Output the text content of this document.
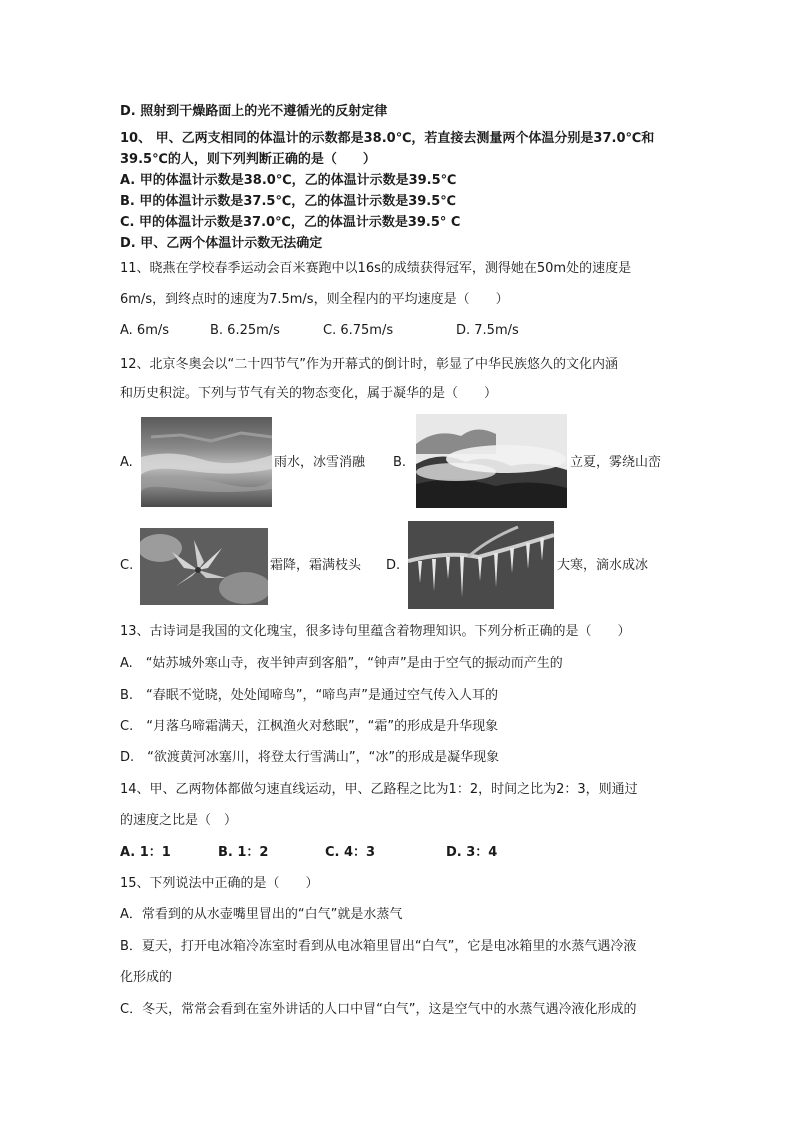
D. 照射到干燥路面上的光不遵循光的反射定律
10、 甲、乙两支相同的体温计的示数都是38.0℃，若直接去测量两个体温分别是37.0℃和
39.5℃的人，则下列判断正确的是（　　）
A. 甲的体温计示数是38.0℃，乙的体温计示数是39.5℃
B. 甲的体温计示数是37.5℃，乙的体温计示数是39.5℃
C. 甲的体温计示数是37.0℃，乙的体温计示数是39.5° C
D. 甲、乙两个体温计示数无法确定
11、晓燕在学校春季运动会百米赛跑中以16s的成绩获得冠军，测得她在50m处的速度是
6m/s，到终点时的速度为7.5m/s，则全程内的平均速度是（　　）
A. 6m/s	B. 6.25m/s	C. 6.75m/s	D. 7.5m/s
12、北京冬奥会以“二十四节气”作为开幕式的倒计时，彰显了中华民族悠久的文化内涵
和历史积淀。下列与节气有关的物态变化，属于凝华的是（　　）
A.	雨水，冰雪消融 B.	立夏，雾绕山峦
C.	霜降，霜满枝头 D.	大寒，滴水成冰
13、古诗词是我国的文化瑰宝，很多诗句里蕴含着物理知识。下列分析正确的是（　　）
A.　“姑苏城外寒山寺，夜半钟声到客船”，“钟声”是由于空气的振动而产生的
B.　“春眠不觉晓，处处闻啼鸟”，“啼鸟声”是通过空气传入人耳的
C.　“月落乌啼霜满天，江枫渔火对愁眠”，“霜”的形成是升华现象
D.　“欲渡黄河冰塞川，将登太行雪满山”，“冰”的形成是凝华现象
14、甲、乙两物体都做匀速直线运动，甲、乙路程之比为1：2，时间之比为2：3，则通过
的速度之比是（　）
A. 1：1	B. 1：2	C. 4：3	D. 3：4
15、下列说法中正确的是（　　）
A．常看到的从水壶嘴里冒出的“白气”就是水蒸气
B．夏天，打开电冰箱冷冻室时看到从电冰箱里冒出“白气”，它是电冰箱里的水蒸气遇冷液
化形成的
C．冬天，常常会看到在室外讲话的人口中冒“白气”，这是空气中的水蒸气遇冷液化形成的
